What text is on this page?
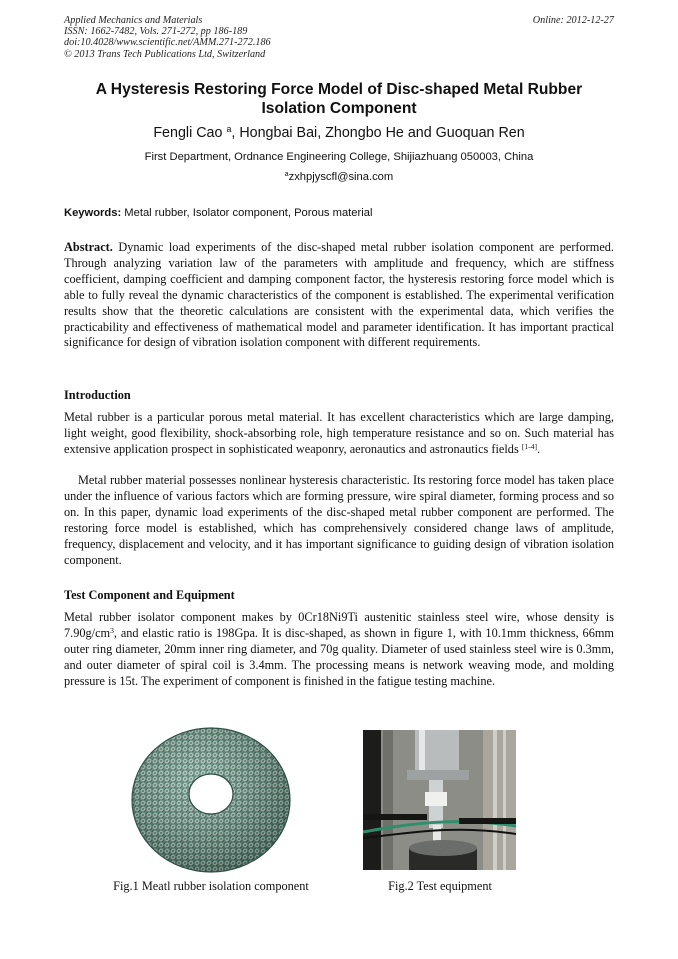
Applied Mechanics and Materials
ISSN: 1662-7482, Vols. 271-272, pp 186-189
doi:10.4028/www.scientific.net/AMM.271-272.186
© 2013 Trans Tech Publications Ltd, Switzerland
Online: 2012-12-27
A Hysteresis Restoring Force Model of Disc-shaped Metal Rubber
Isolation Component
Fengli Cao $^a$, Hongbai Bai, Zhongbo He and Guoquan Ren
First Department, Ordnance Engineering College, Shijiazhuang 050003, China
$^a$zxhpjyscfl@sina.com
Keywords: Metal rubber, Isolator component, Porous material

Abstract. Dynamic load experiments of the disc-shaped metal rubber isolation component are performed. Through analyzing variation law of the parameters with amplitude and frequency, which are stiffness coefficient, damping coefficient and damping component factor, the hysteresis restoring force model which is able to fully reveal the dynamic characteristics of the component is established. The experimental verification results show that the theoretic calculations are consistent with the experimental data, which verifies the practicability and effectiveness of mathematical model and parameter identification. It has important practical significance for design of vibration isolation component with different requirements.

Introduction

Metal rubber is a particular porous metal material. It has excellent characteristics which are large damping, light weight, good flexibility, shock-absorbing role, high temperature resistance and so on. Such material has extensive application prospect in sophisticated weaponry, aeronautics and astronautics fields [1-4].

Metal rubber material possesses nonlinear hysteresis characteristic. Its restoring force model has taken place under the influence of various factors which are forming pressure, wire spiral diameter, forming process and so on. In this paper, dynamic load experiments of the disc-shaped metal rubber component are performed. The restoring force model is established, which has comprehensively considered change laws of amplitude, frequency, displacement and velocity, and it has important significance to guiding design of vibration isolation component.

Test Component and Equipment

Metal rubber isolator component makes by 0Cr18Ni9Ti austenitic stainless steel wire, whose density is $7.90g/cm^3$, and elastic ratio is 198Gpa. It is disc-shaped, as shown in figure 1, with 10.1mm thickness, 66mm outer ring diameter, 20mm inner ring diameter, and 70g quality. Diameter of used stainless steel wire is 0.3mm, and outer diameter of spiral coil is 3.4mm. The processing means is network weaving mode, and molding pressure is 15t. The experiment of component is finished in the fatigue testing machine.

Fig.1 Meatl rubber isolation component	Fig.2 Test equipment
